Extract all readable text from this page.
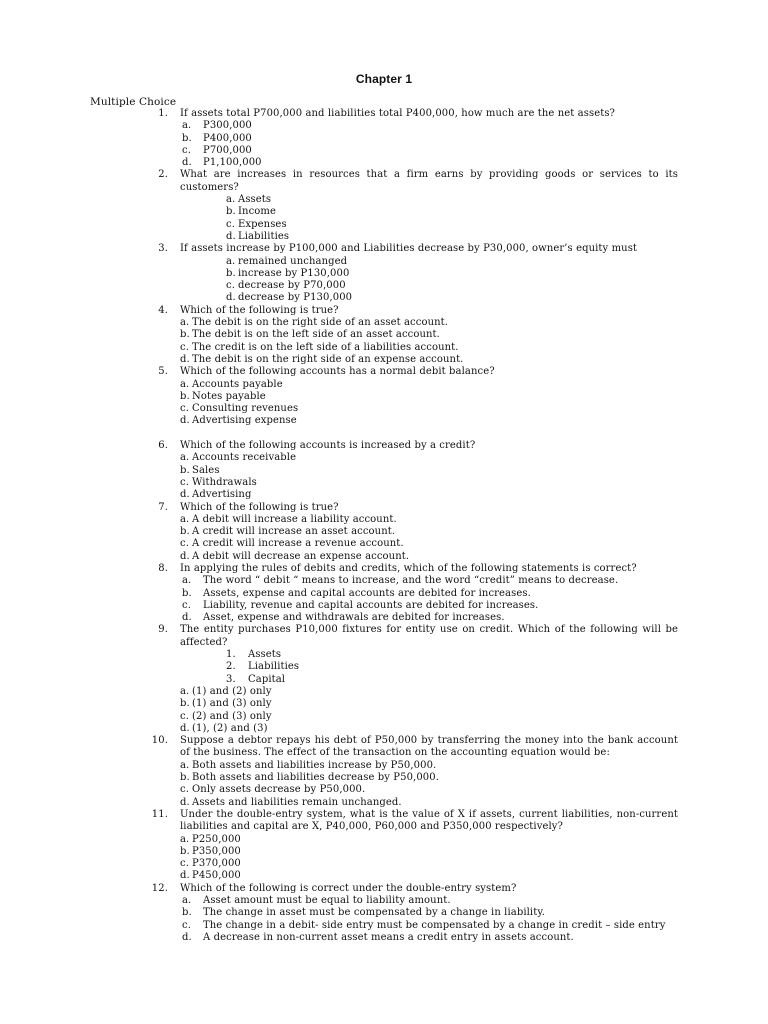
Chapter 1
Multiple Choice
1. If assets total P700,000 and liabilities total P400,000, how much are the net assets?
a. P300,000
b. P400,000
c. P700,000
d. P1,100,000
2. What are increases in resources that a firm earns by providing goods or services to its
customers?
a. Assets
b. Income
c. Expenses
d. Liabilities
3. If assets increase by P100,000 and Liabilities decrease by P30,000, owner’s equity must
a. remained unchanged
b. increase by P130,000
c. decrease by P70,000
d. decrease by P130,000
4. Which of the following is true?
a. The debit is on the right side of an asset account.
b. The debit is on the left side of an asset account.
c. The credit is on the left side of a liabilities account.
d. The debit is on the right side of an expense account.
5. Which of the following accounts has a normal debit balance?
a. Accounts payable
b. Notes payable
c. Consulting revenues
d. Advertising expense
6. Which of the following accounts is increased by a credit?
a. Accounts receivable
b. Sales
c. Withdrawals
d. Advertising
7. Which of the following is true?
a. A debit will increase a liability account.
b. A credit will increase an asset account.
c. A credit will increase a revenue account.
d. A debit will decrease an expense account.
8. In applying the rules of debits and credits, which of the following statements is correct?
a. The word “ debit “ means to increase, and the word “credit” means to decrease.
b. Assets, expense and capital accounts are debited for increases.
c. Liability, revenue and capital accounts are debited for increases.
d. Asset, expense and withdrawals are debited for increases.
9. The entity purchases P10,000 fixtures for entity use on credit. Which of the following will be
affected?
1. Assets
2. Liabilities
3. Capital
a. (1) and (2) only
b. (1) and (3) only
c. (2) and (3) only
d. (1), (2) and (3)
10. Suppose a debtor repays his debt of P50,000 by transferring the money into the bank account
of the business. The effect of the transaction on the accounting equation would be:
a. Both assets and liabilities increase by P50,000.
b. Both assets and liabilities decrease by P50,000.
c. Only assets decrease by P50,000.
d. Assets and liabilities remain unchanged.
11. Under the double-entry system, what is the value of X if assets, current liabilities, non-current
liabilities and capital are X, P40,000, P60,000 and P350,000 respectively?
a. P250,000
b. P350,000
c. P370,000
d. P450,000
12. Which of the following is correct under the double-entry system?
a. Asset amount must be equal to liability amount.
b. The change in asset must be compensated by a change in liability.
c. The change in a debit- side entry must be compensated by a change in credit – side entry
d. A decrease in non-current asset means a credit entry in assets account.
